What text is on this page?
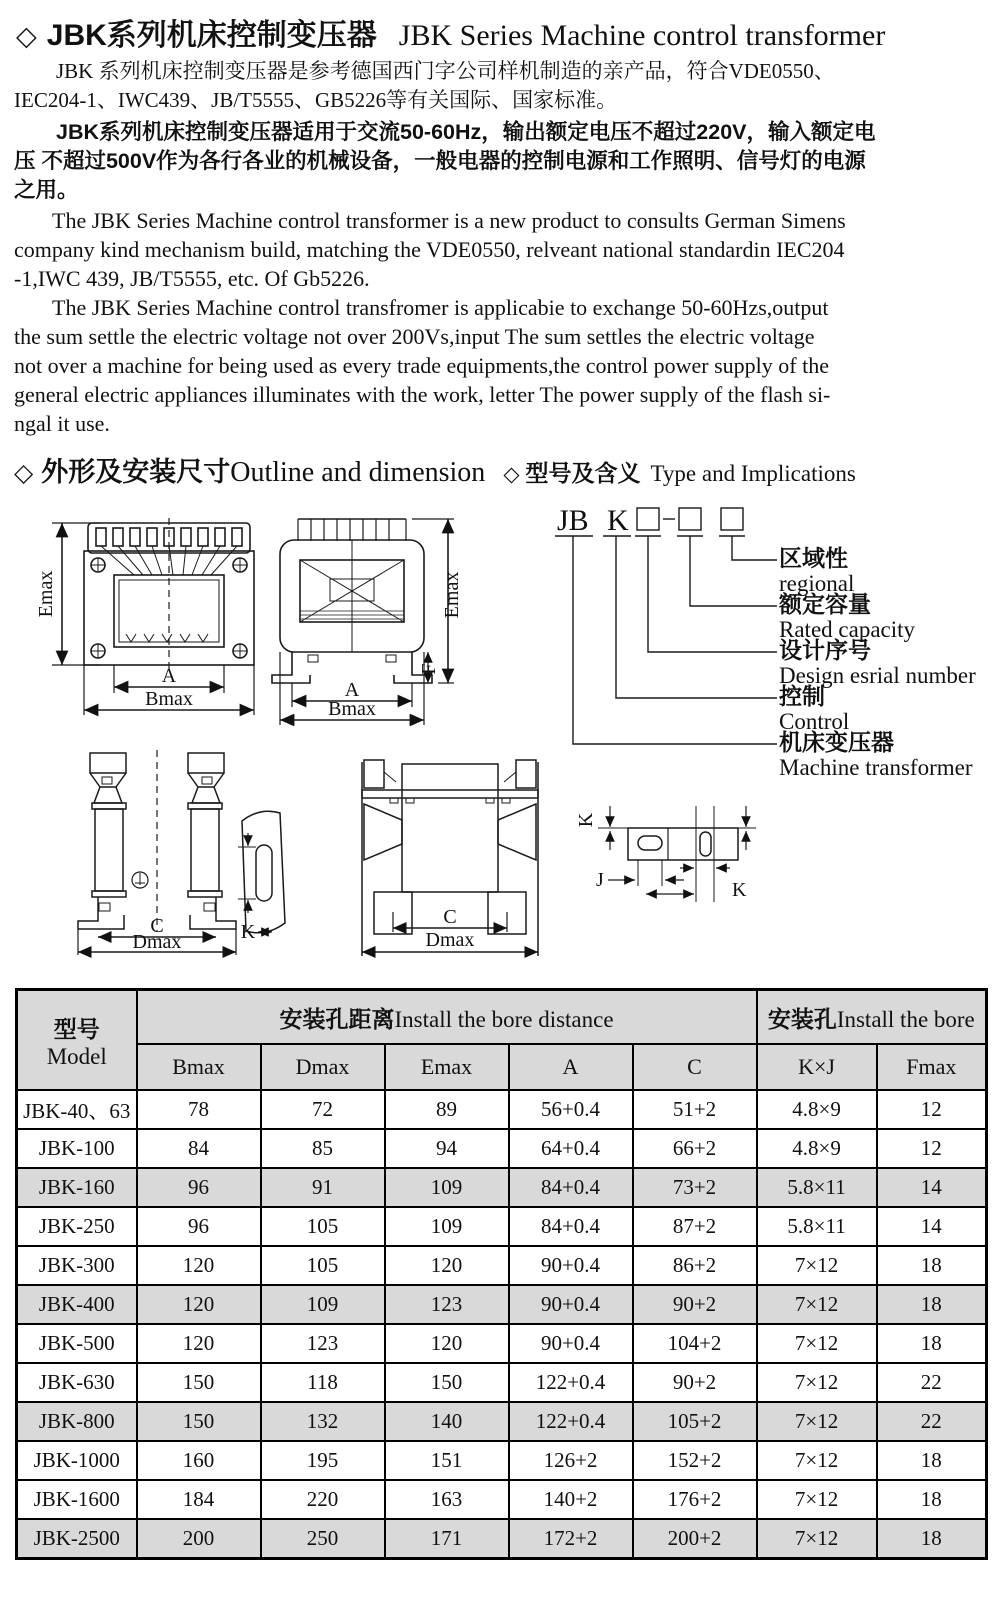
◇ JBK系列机床控制变压器 JBK Series Machine control transformer
JBK 系列机床控制变压器是参考德国西门字公司样机制造的亲产品，符合VDE0550、
IEC204-1、IWC439、JB/T5555、GB5226等有关国际、国家标准。
JBK系列机床控制变压器适用于交流50-60Hz，输出额定电压不超过220V，输入额定电
压 不超过500V作为各行各业的机械设备，一般电器的控制电源和工作照明、信号灯的电源
之用。
The JBK Series Machine control transformer is a new product to consults German Simens
company kind mechanism build, matching the VDE0550, relveant national standardin IEC204
-1,IWC 439, JB/T5555, etc. Of Gb5226.
The JBK Series Machine control transfromer is applicabie to exchange 50-60Hzs,output
the sum settle the electric voltage not over 200Vs,input The sum settles the electric voltage
not over a machine for being used as every trade equipments,the control power supply of the
general electric appliances illuminates with the work, letter The power supply of the flash si-
ngal it use.
◇ 外形及安装尺寸Outline and dimension ◇ 型号及含义 Type and Implications
Emax
A
Bmax
F
Emax
A
Bmax
JB K
区域性
regional
额定容量
Rated capacity
设计序号
Design esrial number
控制
Control
机床变压器
Machine transformer
C
Dmax	K
C
Dmax
K
J	K
型号
Model	安装孔距离Install the bore distance					安装孔Install the bore	
	Bmax	Dmax	Emax	A	C	K×J	Fmax
JBK-40、63	78	72	89	56+0.4	51+2	4.8×9	12
JBK-100	84	85	94	64+0.4	66+2	4.8×9	12
JBK-160	96	91	109	84+0.4	73+2	5.8×11	14
JBK-250	96	105	109	84+0.4	87+2	5.8×11	14
JBK-300	120	105	120	90+0.4	86+2	7×12	18
JBK-400	120	109	123	90+0.4	90+2	7×12	18
JBK-500	120	123	120	90+0.4	104+2	7×12	18
JBK-630	150	118	150	122+0.4	90+2	7×12	22
JBK-800	150	132	140	122+0.4	105+2	7×12	22
JBK-1000	160	195	151	126+2	152+2	7×12	18
JBK-1600	184	220	163	140+2	176+2	7×12	18
JBK-2500	200	250	171	172+2	200+2	7×12	18
